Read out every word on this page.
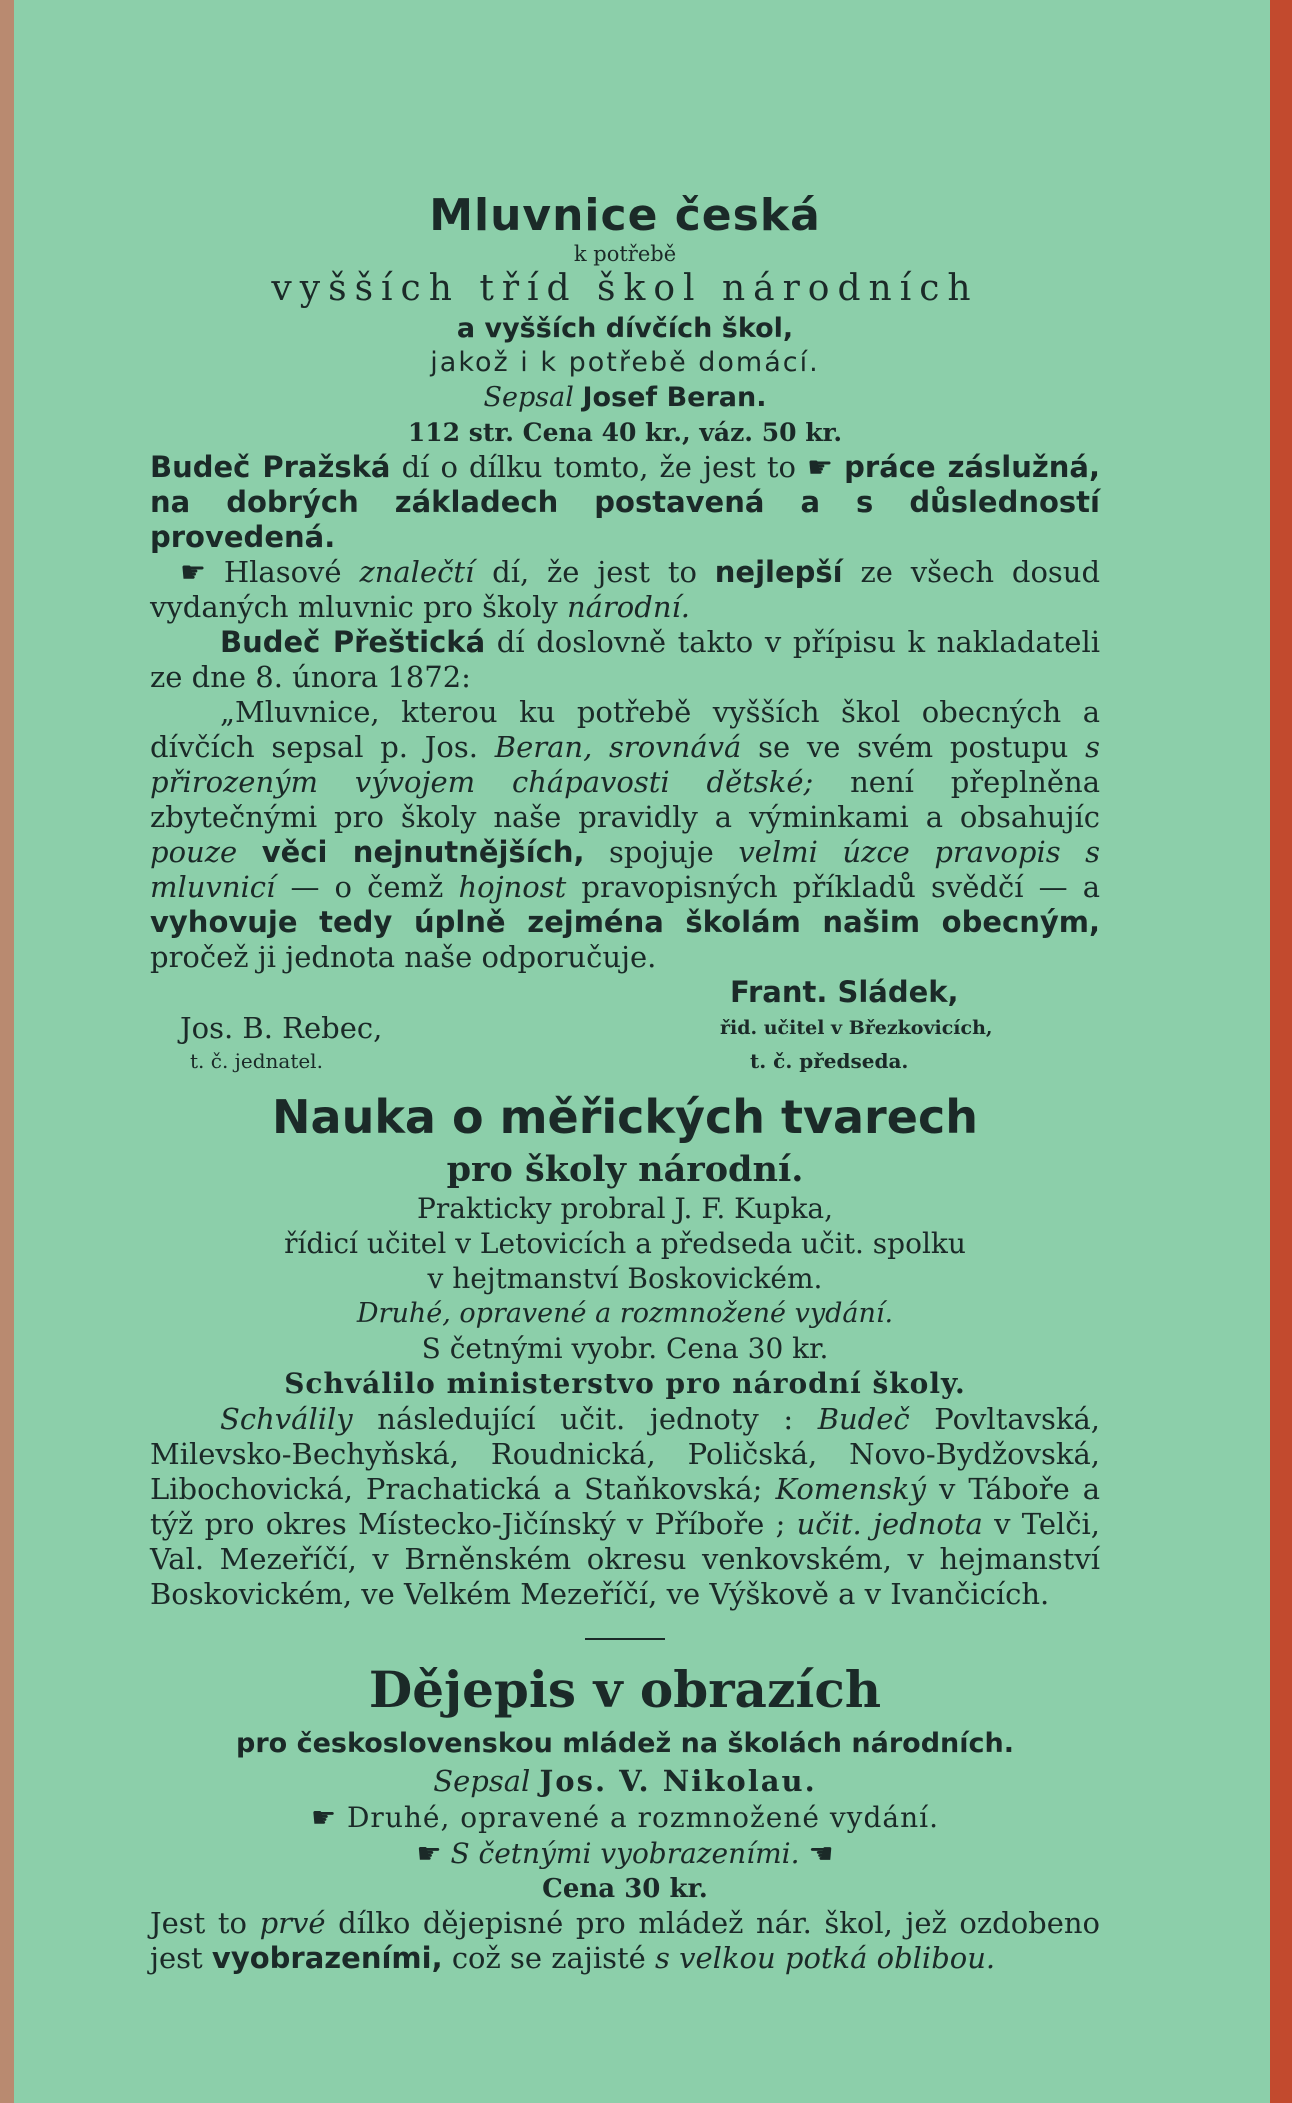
Mluvnice česká
k potřebě
vyšších tříd škol národních
a vyšších dívčích škol,
jakož i k potřebě domácí.
Sepsal Josef Beran.
112 str. Cena 40 kr., váz. 50 kr.

Budeč Pražská dí o dílku tomto, že jest to ☛ práce záslužná, na dobrých základech postavená a s důsledností provedená.

☛ Hlasové znalečtí dí, že jest to nejlepší ze všech dosud vydaných mluvnic pro školy národní.

Budeč Přeštická dí doslovně takto v přípisu k nakladateli ze dne 8. února 1872:

„Mluvnice, kterou ku potřebě vyšších škol obecných a dívčích sepsal p. Jos. Beran, srovnává se ve svém postupu s přirozeným vývojem chápavosti dětské; není přeplněna zbytečnými pro školy naše pravidly a výminkami a obsahujíc pouze věci nejnutnějších, spojuje velmi úzce pravopis s mluvnicí — o čemž hojnost pravopisných příkladů svědčí — a vyhovuje tedy úplně zejména školám našim obecným, pročež ji jednota naše odporučuje.

Frant. Sládek,
Jos. B. Rebec,	řid. učitel v Březkovicích,
t. č. jednatel.	t. č. předseda.
Nauka o měřických tvarech
pro školy národní.
Prakticky probral J. F. Kupka,
řídicí učitel v Letovicích a předseda učit. spolku
v hejtmanství Boskovickém.
Druhé, opravené a rozmnožené vydání.
S četnými vyobr. Cena 30 kr.
Schválilo ministerstvo pro národní školy.

Schválily následující učit. jednoty : Budeč Povltavská, Milevsko-Bechyňská, Roudnická, Poličská, Novo-Bydžovská, Libochovická, Prachatická a Staňkovská; Komenský v Táboře a týž pro okres Místecko-Jičínský v Příboře ; učit. jednota v Telči, Val. Mezeříčí, v Brněnském okresu venkovském, v hejmanství Boskovickém, ve Velkém Mezeříčí, ve Výškově a v Ivančicích.

Dějepis v obrazích
pro československou mládež na školách národních.
Sepsal Jos. V. Nikolau.
☛ Druhé, opravené a rozmnožené vydání.
☛ S četnými vyobrazeními. ☚
Cena 30 kr.

Jest to prvé dílko dějepisné pro mládež nár. škol, jež ozdobeno jest vyobrazeními, což se zajisté s velkou potká oblibou.
